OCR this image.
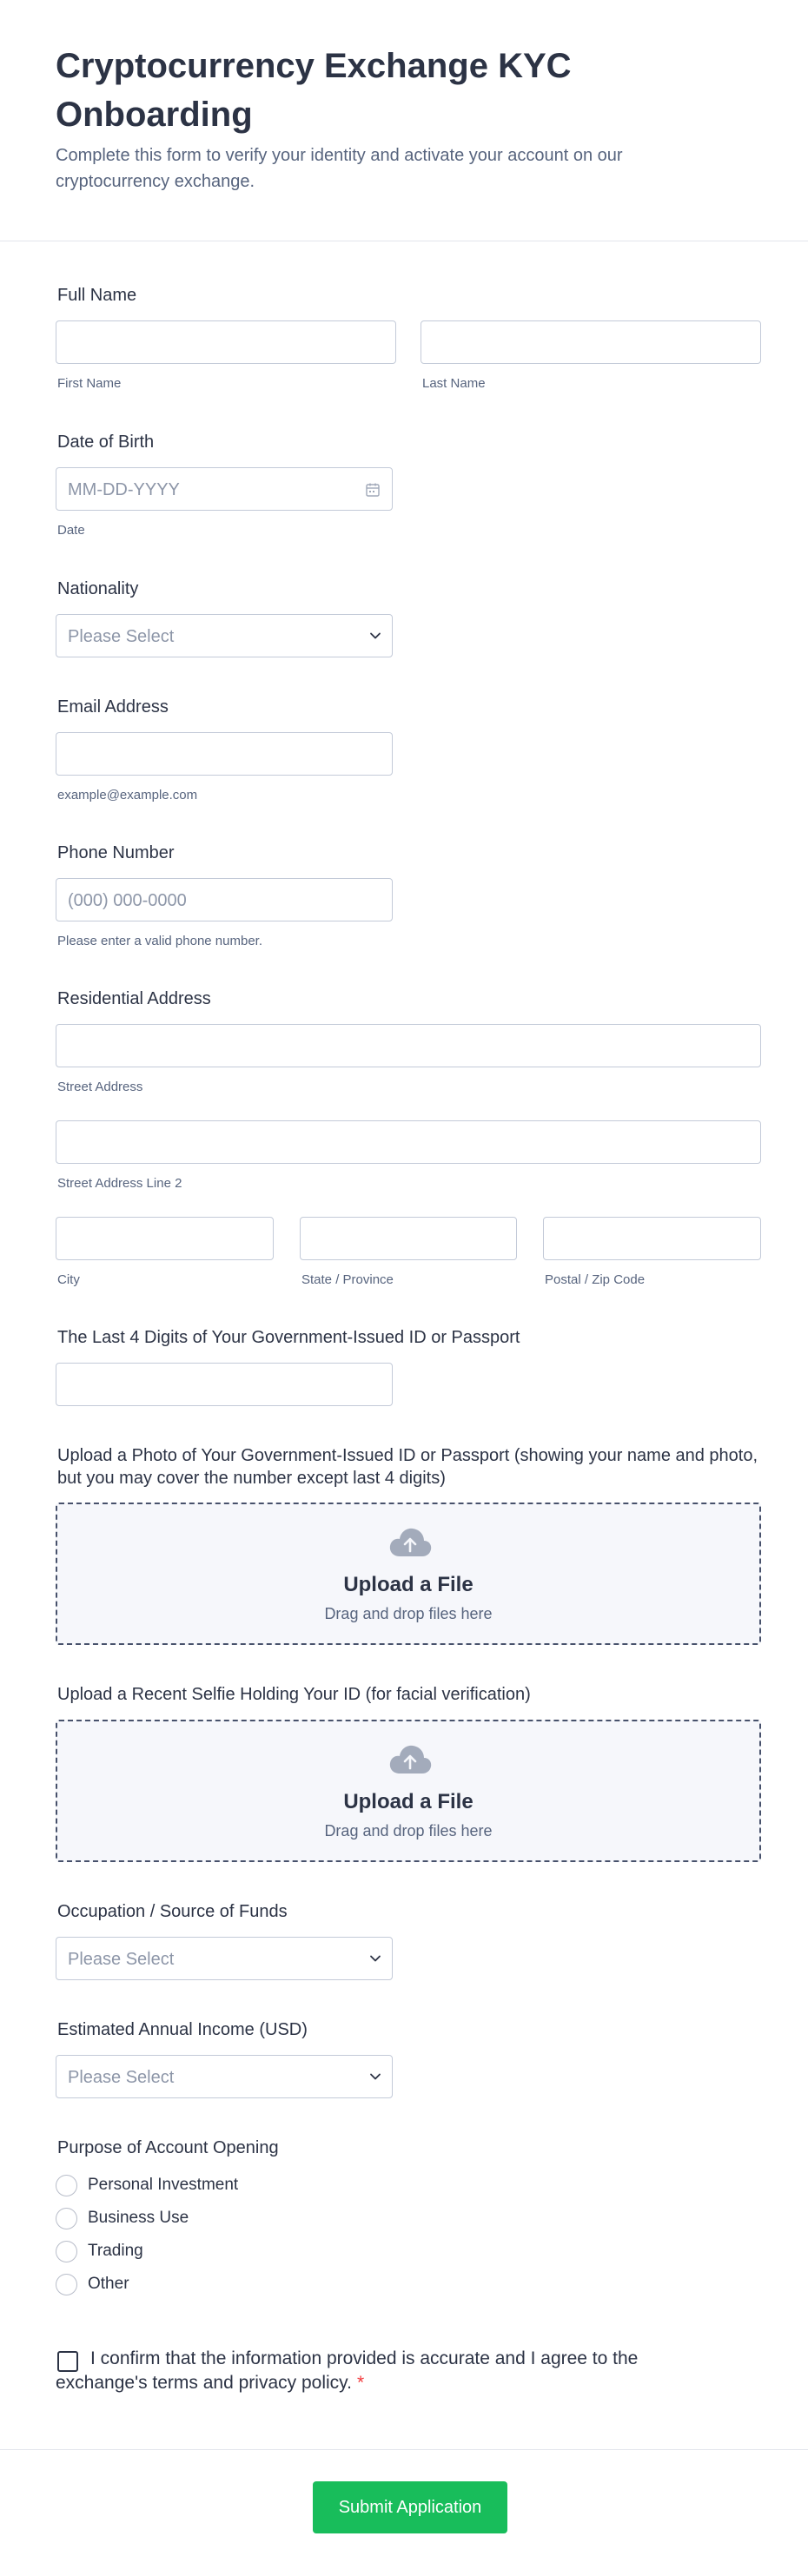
Cryptocurrency Exchange KYC Onboarding
Complete this form to verify your identity and activate your account on our cryptocurrency exchange.
Full Name
First Name	Last Name
Date of Birth
MM-DD-YYYY
Date
Nationality
Please Select
Email Address
example@example.com
Phone Number
(000) 000-0000
Please enter a valid phone number.
Residential Address
Street Address
Street Address Line 2
City	State / Province	Postal / Zip Code
The Last 4 Digits of Your Government-Issued ID or Passport
Upload a Photo of Your Government-Issued ID or Passport (showing your name and photo, but you may cover the number except last 4 digits)
Upload a File
Drag and drop files here
Upload a Recent Selfie Holding Your ID (for facial verification)
Upload a File
Drag and drop files here
Occupation / Source of Funds
Please Select
Estimated Annual Income (USD)
Please Select
Purpose of Account Opening
Personal Investment
Business Use
Trading
Other
I confirm that the information provided is accurate and I agree to the exchange's terms and privacy policy. *
Submit Application
